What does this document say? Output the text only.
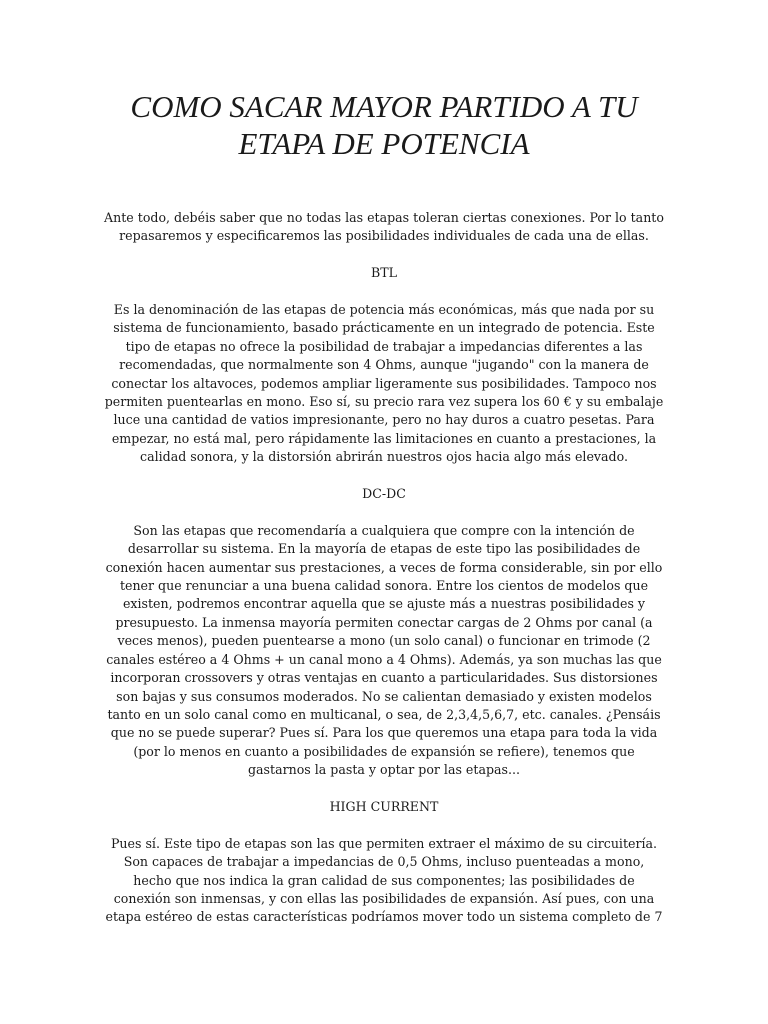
COMO SACAR MAYOR PARTIDO A TU
ETAPA DE POTENCIA

Ante todo, debéis saber que no todas las etapas toleran ciertas conexiones. Por lo tanto repasaremos y especificaremos las posibilidades individuales de cada una de ellas.

BTL

Es la denominación de las etapas de potencia más económicas, más que nada por su sistema de funcionamiento, basado prácticamente en un integrado de potencia. Este tipo de etapas no ofrece la posibilidad de trabajar a impedancias diferentes a las recomendadas, que normalmente son 4 Ohms, aunque "jugando" con la manera de conectar los altavoces, podemos ampliar ligeramente sus posibilidades. Tampoco nos permiten puentearlas en mono. Eso sí, su precio rara vez supera los 60 € y su embalaje luce una cantidad de vatios impresionante, pero no hay duros a cuatro pesetas. Para empezar, no está mal, pero rápidamente las limitaciones en cuanto a prestaciones, la calidad sonora, y la distorsión abrirán nuestros ojos hacia algo más elevado.

DC-DC

Son las etapas que recomendaría a cualquiera que compre con la intención de desarrollar su sistema. En la mayoría de etapas de este tipo las posibilidades de conexión hacen aumentar sus prestaciones, a veces de forma considerable, sin por ello tener que renunciar a una buena calidad sonora. Entre los cientos de modelos que existen, podremos encontrar aquella que se ajuste más a nuestras posibilidades y presupuesto. La inmensa mayoría permiten conectar cargas de 2 Ohms por canal (a veces menos), pueden puentearse a mono (un solo canal) o funcionar en trimode (2 canales estéreo a 4 Ohms + un canal mono a 4 Ohms). Además, ya son muchas las que incorporan crossovers y otras ventajas en cuanto a particularidades. Sus distorsiones son bajas y sus consumos moderados. No se calientan demasiado y existen modelos tanto en un solo canal como en multicanal, o sea, de 2,3,4,5,6,7, etc. canales. ¿Pensáis que no se puede superar? Pues sí. Para los que queremos una etapa para toda la vida (por lo menos en cuanto a posibilidades de expansión se refiere), tenemos que gastarnos la pasta y optar por las etapas...

HIGH CURRENT

Pues sí. Este tipo de etapas son las que permiten extraer el máximo de su circuitería. Son capaces de trabajar a impedancias de 0,5 Ohms, incluso puenteadas a mono, hecho que nos indica la gran calidad de sus componentes; las posibilidades de conexión son inmensas, y con ellas las posibilidades de expansión. Así pues, con una etapa estéreo de estas características podríamos mover todo un sistema completo de 7
